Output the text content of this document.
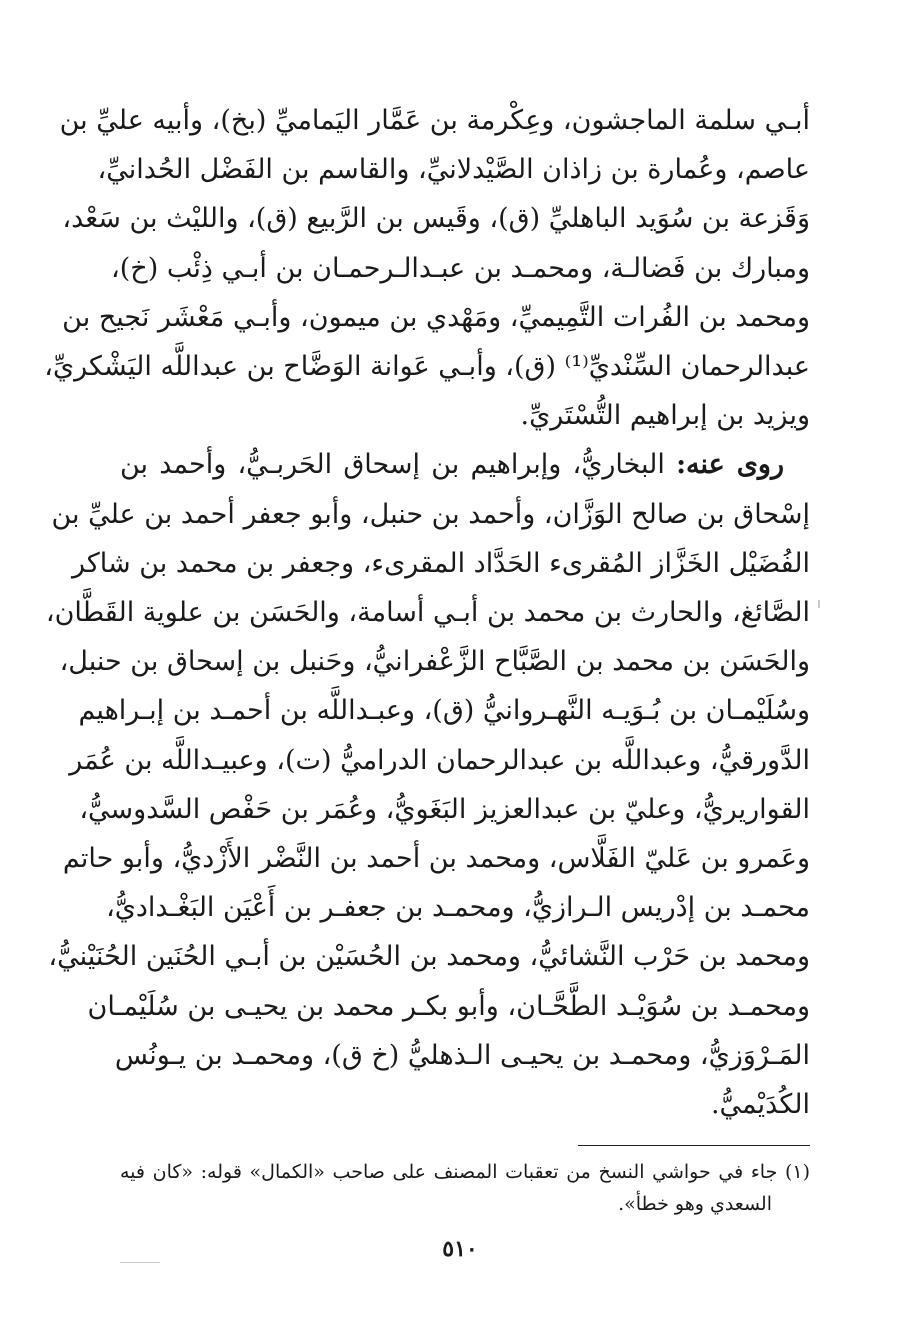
أبـي سلمة الماجشون، وعِكْرمة بن عَمَّار اليَماميِّ (بخ)، وأبيه عليِّ بن
عاصم، وعُمارة بن زاذان الصَّيْدلانيِّ، والقاسم بن الفَضْل الحُدانيِّ،
وَقَزعة بن سُوَيد الباهليِّ (ق)، وقَيس بن الرَّبيع (ق)، والليْث بن سَعْد،
ومبارك بن فَضالـة، ومحمـد بن عبـدالـرحمـان بن أبـي ذِئْب (خ)،
ومحمد بن الفُرات التَّمِيميِّ، ومَهْدي بن ميمون، وأبـي مَعْشَر نَجيح بن
عبدالرحمان السِّنْديِّ⁽¹⁾ (ق)، وأبـي عَوانة الوَضَّاح بن عبداللَّه اليَشْكريِّ،
ويزيد بن إبراهيم التُّسْتَريِّ.
روى عنه: البخاريُّ، وإبراهيم بن إسحاق الحَربـيُّ، وأحمد بن
إسْحاق بن صالح الوَزَّان، وأحمد بن حنبل، وأبو جعفر أحمد بن عليِّ بن
الفُضَيْل الخَزَّاز المُقرىء الحَدَّاد المقرىء، وجعفر بن محمد بن شاكر
الصَّائغ، والحارث بن محمد بن أبـي أسامة، والحَسَن بن علوية القَطَّان،
والحَسَن بن محمد بن الصَّبَّاح الزَّعْفرانيُّ، وحَنبل بن إسحاق بن حنبل،
وسُلَيْمـان بن بُـوَيـه النَّهـروانيُّ (ق)، وعبـداللَّه بن أحمـد بن إبـراهيم
الدَّورقيُّ، وعبداللَّه بن عبدالرحمان الدراميُّ (ت)، وعبيـداللَّه بن عُمَر
القواريريُّ، وعليّ بن عبدالعزيز البَغَويُّ، وعُمَر بن حَفْص السَّدوسيُّ،
وعَمرو بن عَليّ الفَلَّاس، ومحمد بن أحمد بن النَّضْر الأَزْديُّ، وأبو حاتم
محمـد بن إدْريس الـرازيُّ، ومحمـد بن جعفـر بن أَعْيَن البَغْـداديُّ،
ومحمد بن حَرْب النَّشائيُّ، ومحمد بن الحُسَيْن بن أبـي الحُنَين الحُنَيْنيُّ،
ومحمـد بن سُوَيْـد الطَّحَّـان، وأبو بكـر محمد بن يحيـى بن سُلَيْمـان
المَـرْوَزيُّ، ومحمـد بن يحيـى الـذهليُّ (خ ق)، ومحمـد بن يـونُس
الكُدَيْميُّ.
(١) جاء في حواشي النسخ من تعقبات المصنف على صاحب «الكمال» قوله: «كان فيه
السعدي وهو خطأ».
٥١٠
